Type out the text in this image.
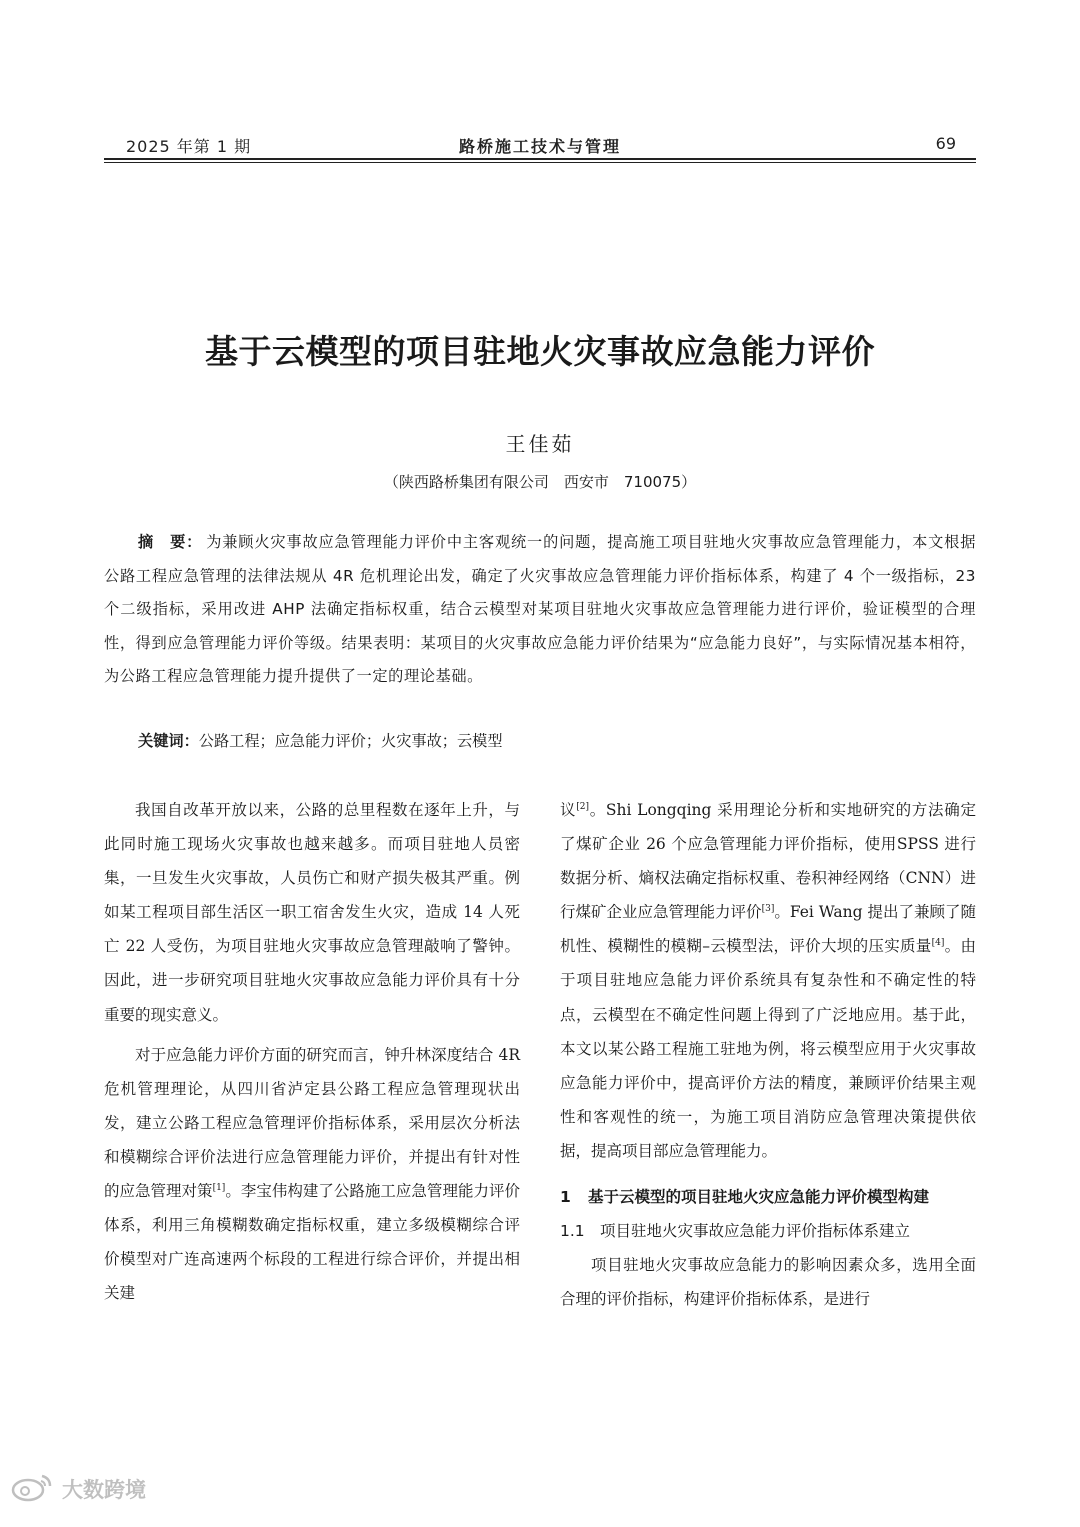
2025 年第 1 期	路桥施工技术与管理	69
基于云模型的项目驻地火灾事故应急能力评价
王佳茹
（陕西路桥集团有限公司　西安市　710075）
摘　要： 为兼顾火灾事故应急管理能力评价中主客观统一的问题，提高施工项目驻地火灾事故应急管理能力，本文根据公路工程应急管理的法律法规从 4R 危机理论出发，确定了火灾事故应急管理能力评价指标体系，构建了 4 个一级指标，23 个二级指标，采用改进 AHP 法确定指标权重，结合云模型对某项目驻地火灾事故应急管理能力进行评价，验证模型的合理性，得到应急管理能力评价等级。结果表明：某项目的火灾事故应急能力评价结果为“应急能力良好”，与实际情况基本相符，为公路工程应急管理能力提升提供了一定的理论基础。
关键词：公路工程；应急能力评价；火灾事故；云模型

我国自改革开放以来，公路的总里程数在逐年上升，与此同时施工现场火灾事故也越来越多。而项目驻地人员密集，一旦发生火灾事故，人员伤亡和财产损失极其严重。例如某工程项目部生活区一职工宿舍发生火灾，造成 14 人死亡 22 人受伤，为项目驻地火灾事故应急管理敲响了警钟。因此，进一步研究项目驻地火灾事故应急能力评价具有十分重要的现实意义。

对于应急能力评价方面的研究而言，钟升林深度结合 4R 危机管理理论，从四川省泸定县公路工程应急管理现状出发，建立公路工程应急管理评价指标体系，采用层次分析法和模糊综合评价法进行应急管理能力评价，并提出有针对性的应急管理对策[1]。李宝伟构建了公路施工应急管理能力评价体系，利用三角模糊数确定指标权重，建立多级模糊综合评价模型对广连高速两个标段的工程进行综合评价，并提出相关建

议[2]。Shi Longqing 采用理论分析和实地研究的方法确定了煤矿企业 26 个应急管理能力评价指标，使用SPSS 进行数据分析、熵权法确定指标权重、卷积神经网络（CNN）进行煤矿企业应急管理能力评价[3]。Fei Wang 提出了兼顾了随机性、模糊性的模糊–云模型法，评价大坝的压实质量[4]。由于项目驻地应急能力评价系统具有复杂性和不确定性的特点，云模型在不确定性问题上得到了广泛地应用。基于此，本文以某公路工程施工驻地为例，将云模型应用于火灾事故应急能力评价中，提高评价方法的精度，兼顾评价结果主观性和客观性的统一，为施工项目消防应急管理决策提供依据，提高项目部应急管理能力。

1 基于云模型的项目驻地火灾应急能力评价模型构建
1.1 项目驻地火灾事故应急能力评价指标体系建立

项目驻地火灾事故应急能力的影响因素众多，选用全面合理的评价指标，构建评价指标体系，是进行

大数跨境
